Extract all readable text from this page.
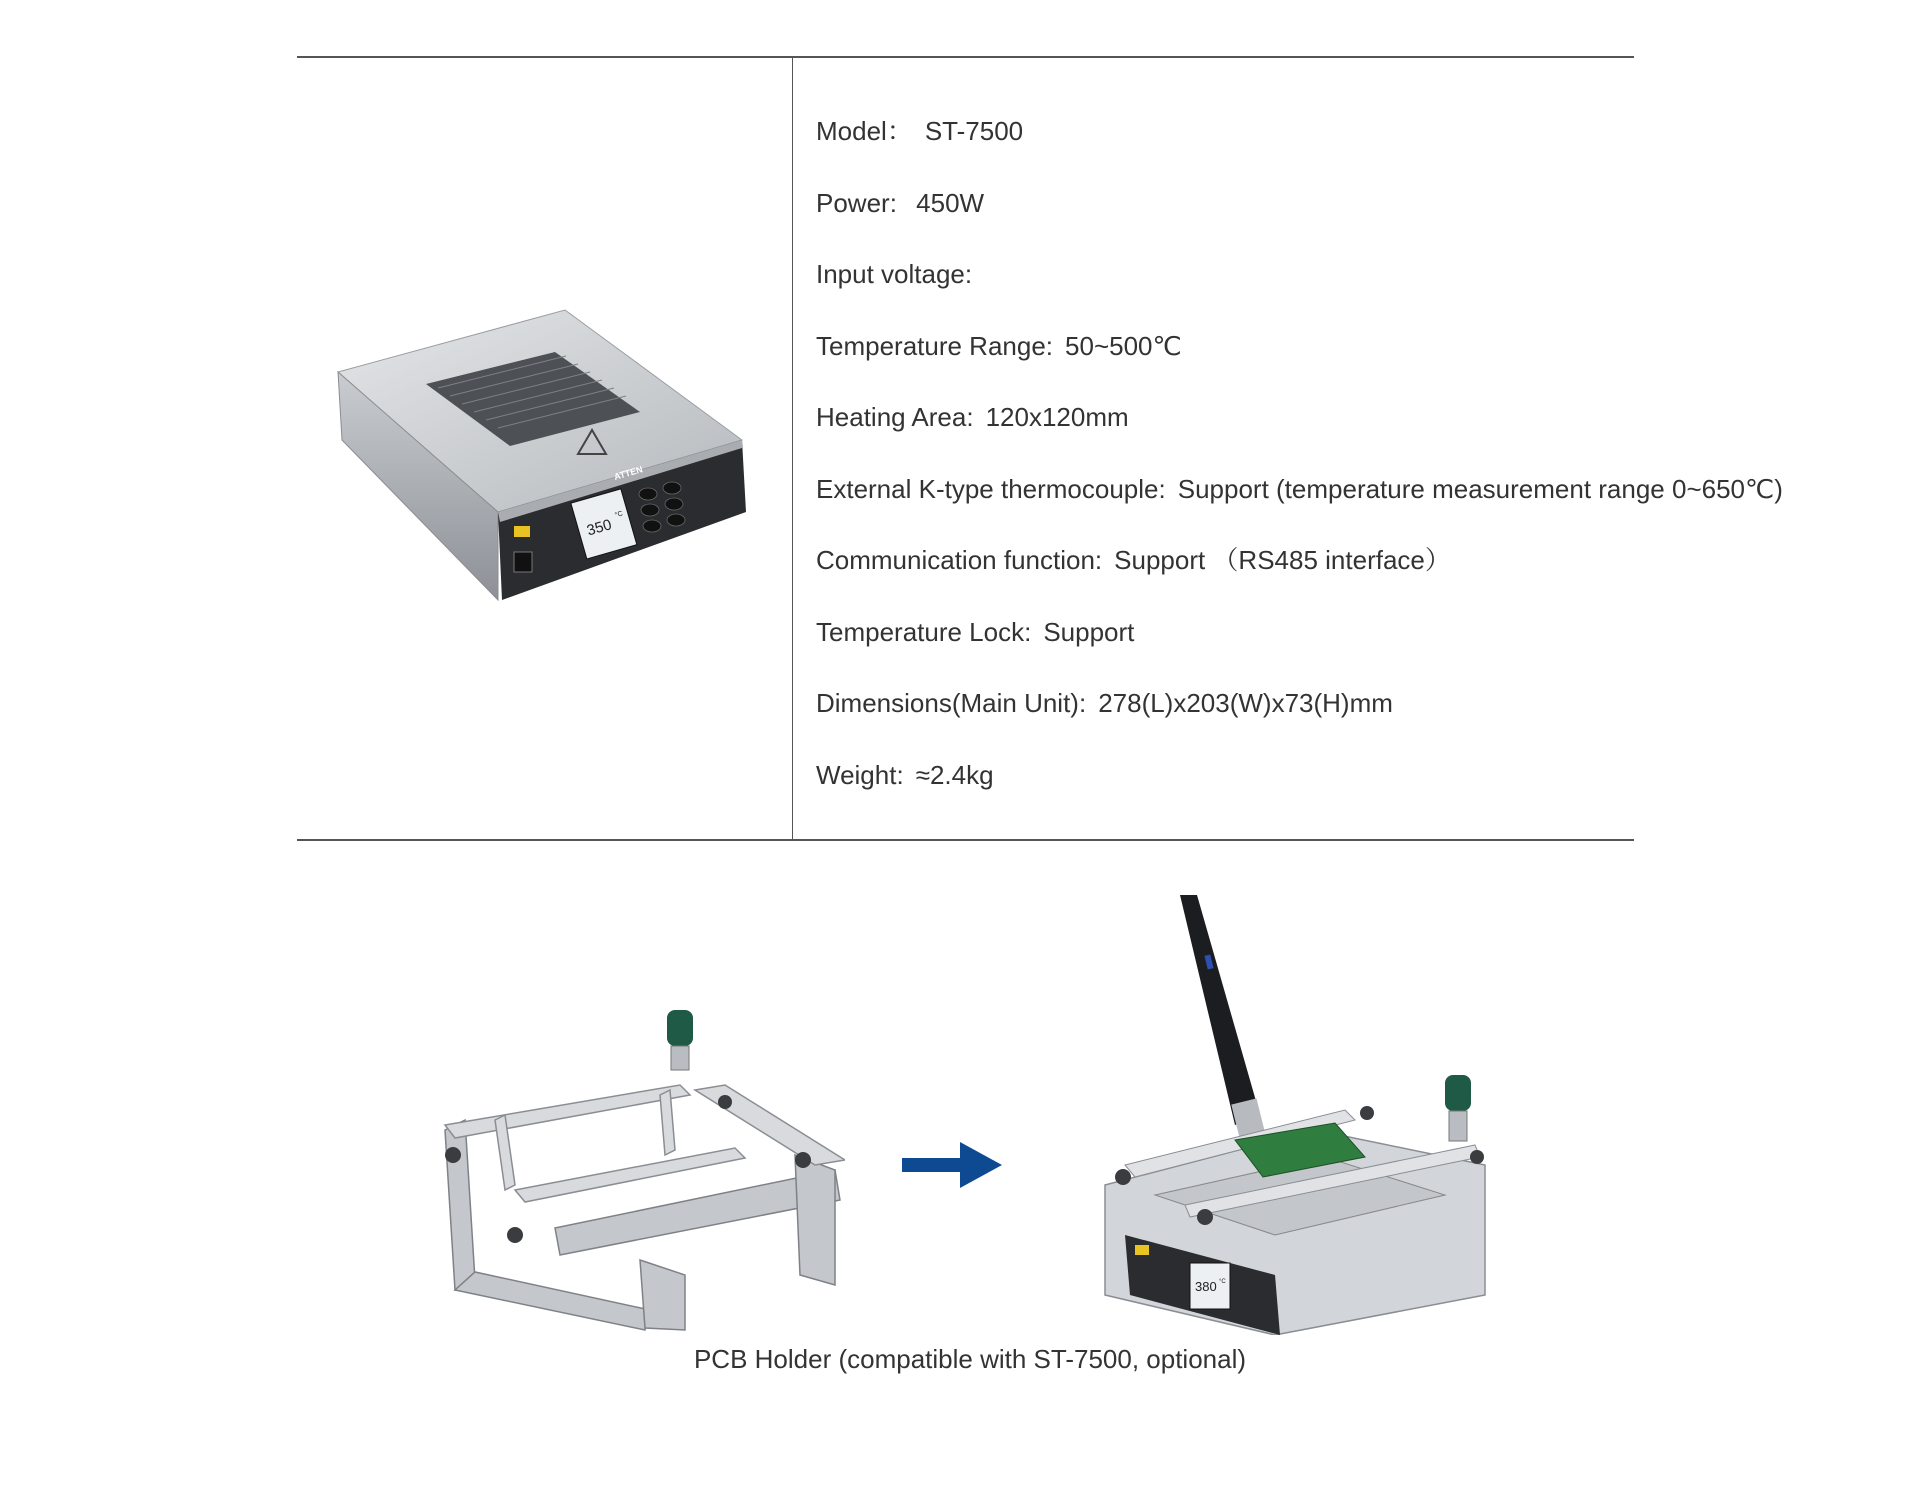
ATTEN
350
°C
Model： ST-7500
Power: 450W
Input voltage:
Temperature Range: 50~500℃
Heating Area: 120x120mm
External K-type thermocouple: Support (temperature measurement range 0~650℃)
Communication function: Support （RS485 interface）
Temperature Lock: Support
Dimensions(Main Unit): 278(L)x203(W)x73(H)mm
Weight: ≈2.4kg
380 °C
PCB Holder (compatible with ST-7500, optional)
